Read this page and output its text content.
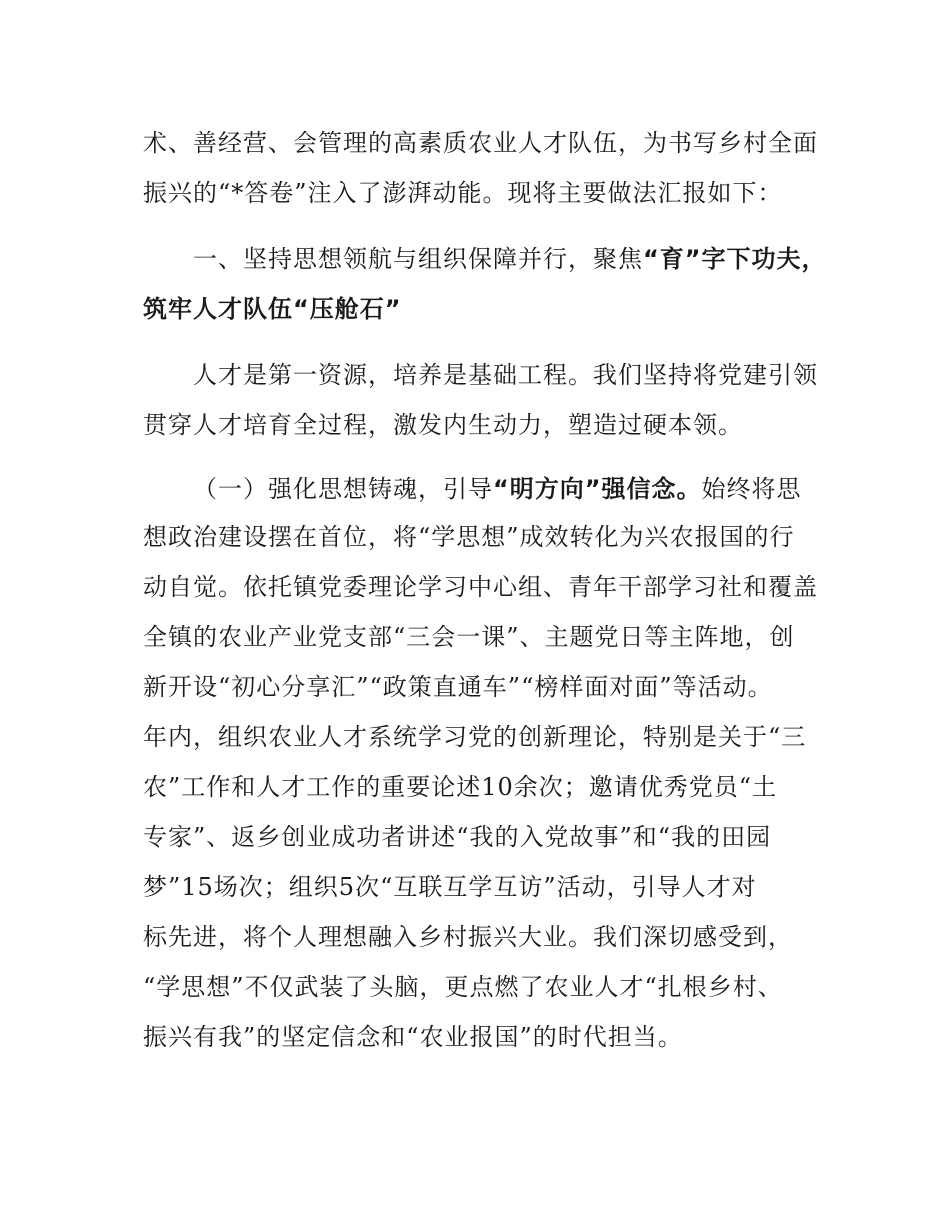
术、善经营、会管理的高素质农业人才队伍，为书写乡村全面
振兴的“*答卷”注入了澎湃动能。现将主要做法汇报如下：
一、坚持思想领航与组织保障并行，聚焦“育”字下功夫，
筑牢人才队伍“压舱石”
人才是第一资源，培养是基础工程。我们坚持将党建引领
贯穿人才培育全过程，激发内生动力，塑造过硬本领。
（一）强化思想铸魂，引导“明方向”强信念。始终将思
想政治建设摆在首位，将“学思想”成效转化为兴农报国的行
动自觉。依托镇党委理论学习中心组、青年干部学习社和覆盖
全镇的农业产业党支部“三会一课”、主题党日等主阵地，创
新开设“初心分享汇”“政策直通车”“榜样面对面”等活动。
年内，组织农业人才系统学习党的创新理论，特别是关于“三
农”工作和人才工作的重要论述10余次；邀请优秀党员“土
专家”、返乡创业成功者讲述“我的入党故事”和“我的田园
梦”15场次；组织5次“互联互学互访”活动，引导人才对
标先进，将个人理想融入乡村振兴大业。我们深切感受到，
“学思想”不仅武装了头脑，更点燃了农业人才“扎根乡村、
振兴有我”的坚定信念和“农业报国”的时代担当。
